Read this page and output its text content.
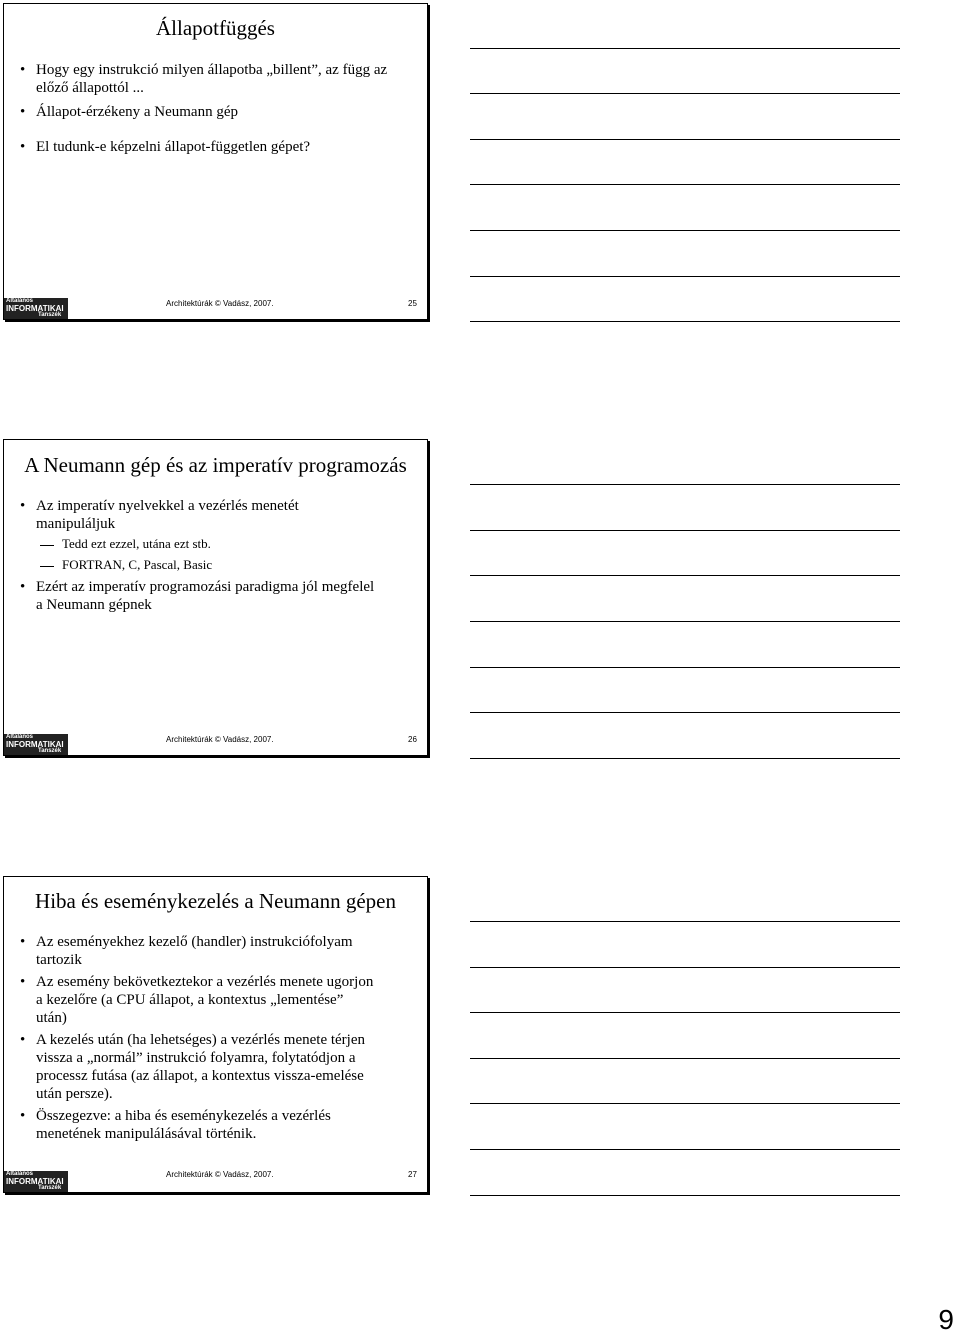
Állapotfüggés
• Hogy egy instrukció milyen állapotba „billent”, az függ az előző állapottól ...
• Állapot-érzékeny a Neumann gép
• El tudunk-e képzelni állapot-független gépet?
Általános
INFORMATIKAI
Tanszék
Architektúrák © Vadász, 2007.	25
A Neumann gép és az imperatív programozás
• Az imperatív nyelvekkel a vezérlés menetét manipuláljuk
Tedd ezt ezzel, utána ezt stb.
FORTRAN, C, Pascal, Basic
• Ezért az imperatív programozási paradigma jól megfelel a Neumann gépnek
Általános
INFORMATIKAI
Tanszék
Architektúrák © Vadász, 2007.	26
Hiba és eseménykezelés a Neumann gépen
• Az eseményekhez kezelő (handler) instrukciófolyam tartozik
• Az esemény bekövetkeztekor a vezérlés menete ugorjon a kezelőre (a CPU állapot, a kontextus „lementése” után)
• A kezelés után (ha lehetséges) a vezérlés menete térjen vissza a „normál” instrukció folyamra, folytatódjon a processz futása (az állapot, a kontextus vissza-emelése után persze).
• Összegezve: a hiba és eseménykezelés a vezérlés menetének manipulálásával történik.
Általános
INFORMATIKAI
Tanszék
Architektúrák © Vadász, 2007.	27
9
